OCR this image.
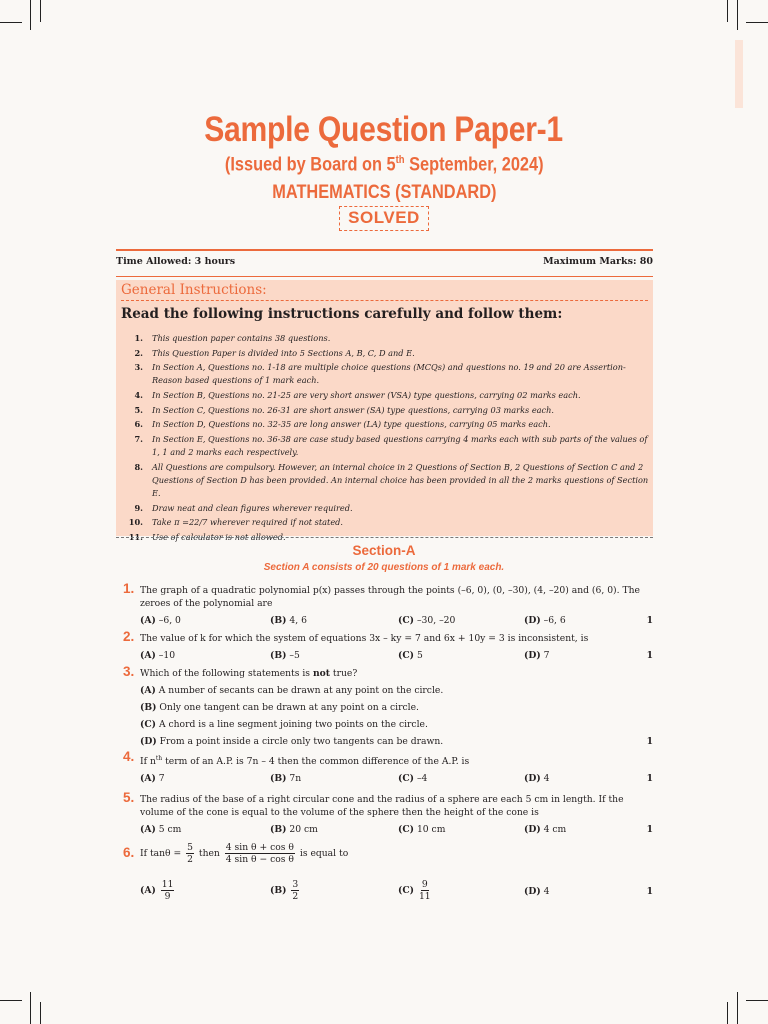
Sample Question Paper-1
(Issued by Board on 5th September, 2024)
MATHEMATICS (STANDARD)
SOLVED
Time Allowed: 3 hours	Maximum Marks: 80
General Instructions:
Read the following instructions carefully and follow them:
1.	This question paper contains 38 questions.
2.	This Question Paper is divided into 5 Sections A, B, C, D and E.
3.	In Section A, Questions no. 1-18 are multiple choice questions (MCQs) and questions no. 19 and 20 are Assertion- Reason based questions of 1 mark each.
4.	In Section B, Questions no. 21-25 are very short answer (VSA) type questions, carrying 02 marks each.
5.	In Section C, Questions no. 26-31 are short answer (SA) type questions, carrying 03 marks each.
6.	In Section D, Questions no. 32-35 are long answer (LA) type questions, carrying 05 marks each.
7.	In Section E, Questions no. 36-38 are case study based questions carrying 4 marks each with sub parts of the values of 1, 1 and 2 marks each respectively.
8.	All Questions are compulsory. However, an internal choice in 2 Questions of Section B, 2 Questions of Section C and 2 Questions of Section D has been provided. An internal choice has been provided in all the 2 marks questions of Section E.
9.	Draw neat and clean figures wherever required.
10.	Take π =22/7 wherever required if not stated.
11.	Use of calculator is not allowed.
Section-A
Section A consists of 20 questions of 1 mark each.
1. The graph of a quadratic polynomial p(x) passes through the points (–6, 0), (0, –30), (4, –20) and (6, 0). The zeroes of the polynomial are
(A) –6, 0	(B) 4, 6	(C) –30, –20	(D) –6, 6	1
2. The value of k for which the system of equations 3x – ky = 7 and 6x + 10y = 3 is inconsistent, is
(A) –10	(B) –5	(C) 5	(D) 7	1
3. Which of the following statements is not true?

(A) A number of secants can be drawn at any point on the circle.

(B) Only one tangent can be drawn at any point on a circle.

(C) A chord is a line segment joining two points on the circle.

(D) From a point inside a circle only two tangents can be drawn.	1
4. If $n^{th}$ term of an A.P. is 7n – 4 then the common difference of the A.P. is
(A) 7	(B) 7n	(C) –4	(D) 4	1
5. The radius of the base of a right circular cone and the radius of a sphere are each 5 cm in length. If the volume of the cone is equal to the volume of the sphere then the height of the cone is
(A) 5 cm	(B) 20 cm	(C) 10 cm	(D) 4 cm	1
6. If $\tan\theta = \frac{5}{2}$ then $\frac{\text{4 sin θ + cos θ}}{\text{4 sin θ − cos θ}}$ is equal to
$(A) \frac{11}{9}$	$(B) \frac{3}{2}$	$(C) \frac{9}{11}$	(D) 4	1
